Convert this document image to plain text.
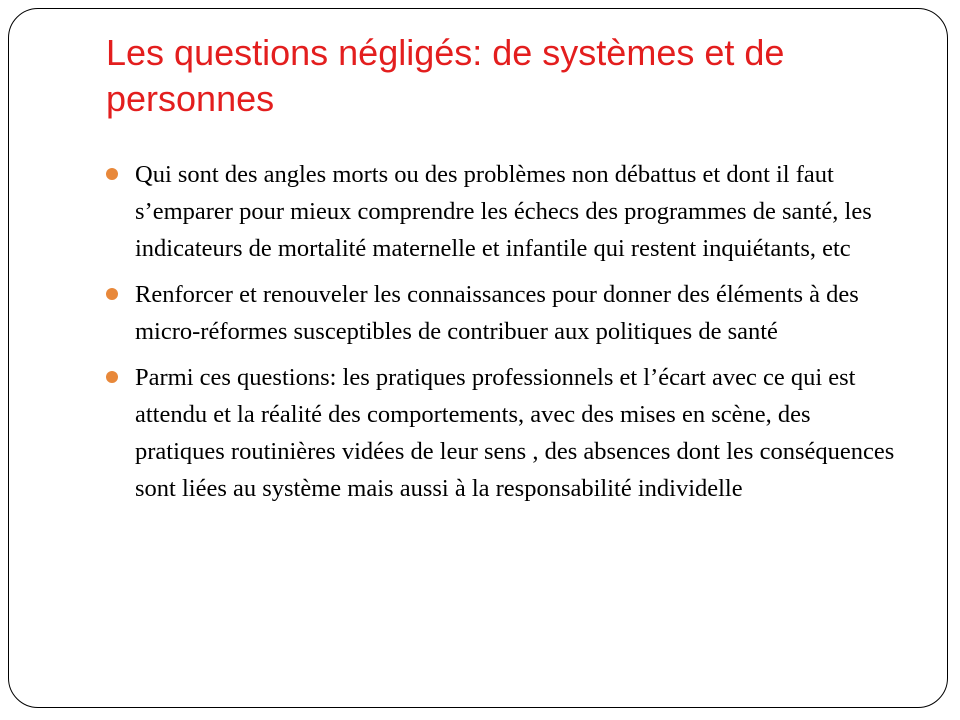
Les questions négligés: de systèmes et de personnes
Qui sont des angles morts ou des problèmes non débattus et dont il faut s’emparer pour mieux comprendre les échecs des programmes de santé, les indicateurs de mortalité maternelle et infantile qui restent inquiétants, etc
Renforcer et renouveler les connaissances pour donner des éléments à des micro-réformes susceptibles de contribuer aux politiques de santé
Parmi ces questions: les pratiques professionnels et l’écart avec ce qui est attendu et la réalité des comportements, avec des mises en scène, des pratiques routinières vidées de leur sens , des absences dont les conséquences sont liées au système mais aussi à la responsabilité individelle
